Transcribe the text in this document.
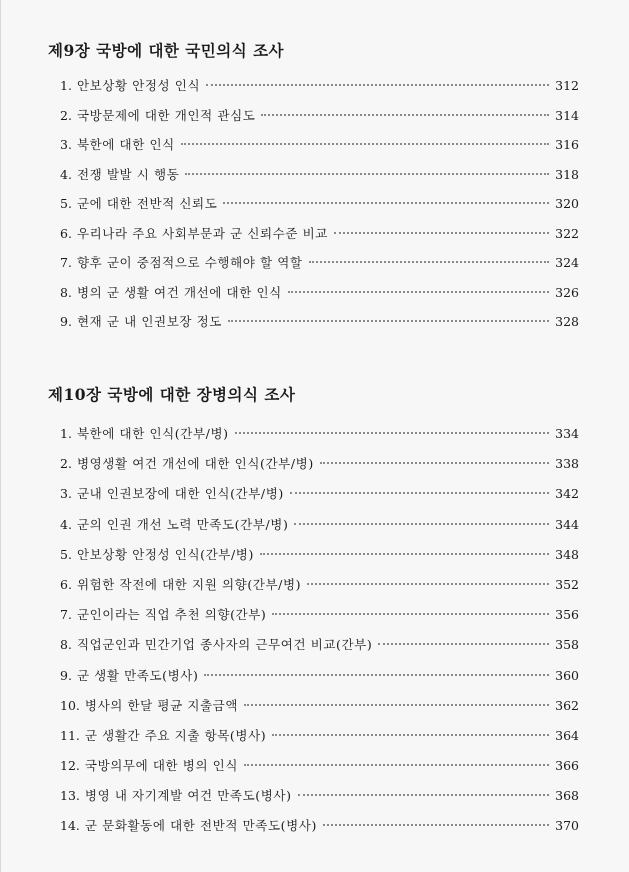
제9장 국방에 대한 국민의식 조사
1. 안보상황 안정성 인식	312
2. 국방문제에 대한 개인적 관심도	314
3. 북한에 대한 인식	316
4. 전쟁 발발 시 행동	318
5. 군에 대한 전반적 신뢰도	320
6. 우리나라 주요 사회부문과 군 신뢰수준 비교	322
7. 향후 군이 중점적으로 수행해야 할 역할	324
8. 병의 군 생활 여건 개선에 대한 인식	326
9. 현재 군 내 인권보장 정도	328
제10장 국방에 대한 장병의식 조사
1. 북한에 대한 인식(간부/병)	334
2. 병영생활 여건 개선에 대한 인식(간부/병)	338
3. 군내 인권보장에 대한 인식(간부/병)	342
4. 군의 인권 개선 노력 만족도(간부/병)	344
5. 안보상황 안정성 인식(간부/병)	348
6. 위험한 작전에 대한 지원 의향(간부/병)	352
7. 군인이라는 직업 추천 의향(간부)	356
8. 직업군인과 민간기업 종사자의 근무여건 비교(간부)	358
9. 군 생활 만족도(병사)	360
10. 병사의 한달 평균 지출금액	362
11. 군 생활간 주요 지출 항목(병사)	364
12. 국방의무에 대한 병의 인식	366
13. 병영 내 자기계발 여건 만족도(병사)	368
14. 군 문화활동에 대한 전반적 만족도(병사)	370
